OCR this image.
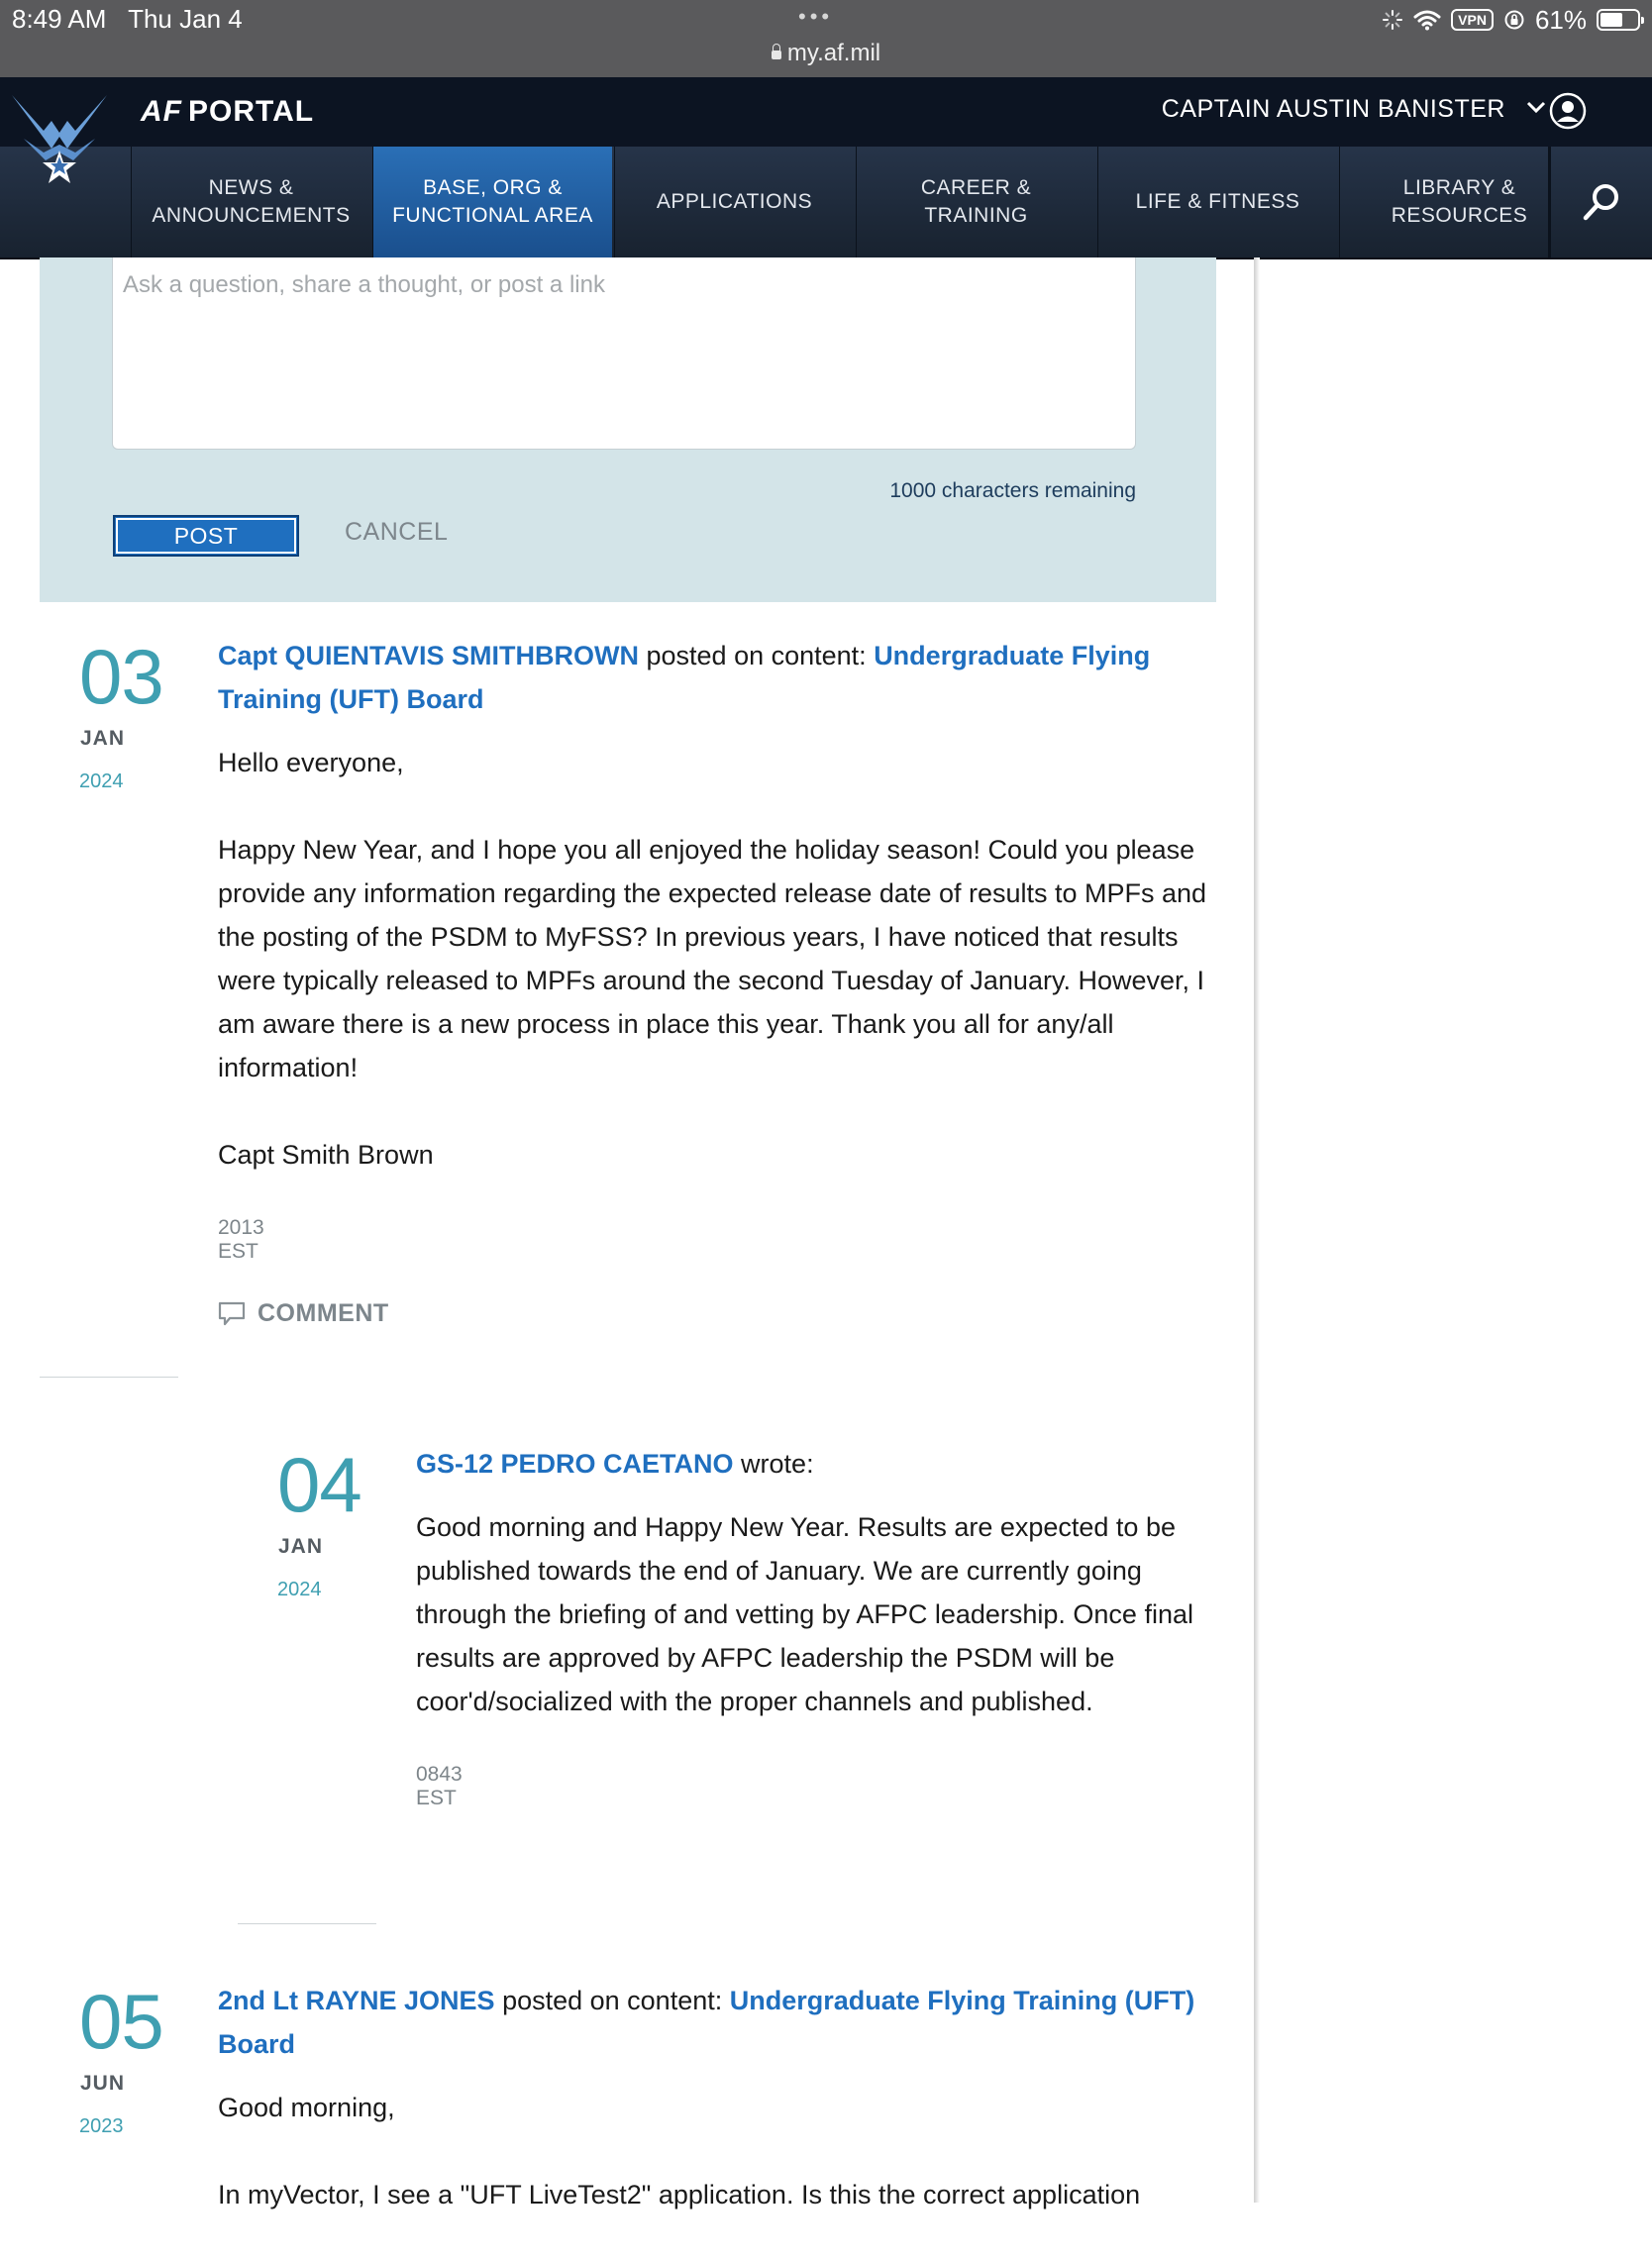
8:49 AM Thu Jan 4	•••
my.af.mil
VPN 61%
AF PORTAL	CAPTAIN AUSTIN BANISTER
NEWS & ANNOUNCEMENTS
BASE, ORG & FUNCTIONAL AREA
APPLICATIONS
CAREER & TRAINING
LIFE & FITNESS
LIBRARY & RESOURCES
Ask a question, share a thought, or post a link
1000 characters remaining
POST	CANCEL
03
JAN
2024
Capt QUIENTAVIS SMITHBROWN posted on content: Undergraduate Flying Training (UFT) Board

Hello everyone,

Happy New Year, and I hope you all enjoyed the holiday season! Could you please provide any information regarding the expected release date of results to MPFs and the posting of the PSDM to MyFSS? In previous years, I have noticed that results were typically released to MPFs around the second Tuesday of January. However, I am aware there is a new process in place this year. Thank you all for any/all information!

Capt Smith Brown

2013 EST
COMMENT
04
JAN
2024
GS-12 PEDRO CAETANO wrote:

Good morning and Happy New Year. Results are expected to be published towards the end of January. We are currently going through the briefing of and vetting by AFPC leadership. Once final results are approved by AFPC leadership the PSDM will be coor'd/socialized with the proper channels and published.

0843 EST
05
JUN
2023
2nd Lt RAYNE JONES posted on content: Undergraduate Flying Training (UFT) Board

Good morning,

In myVector, I see a "UFT LiveTest2" application. Is this the correct application
